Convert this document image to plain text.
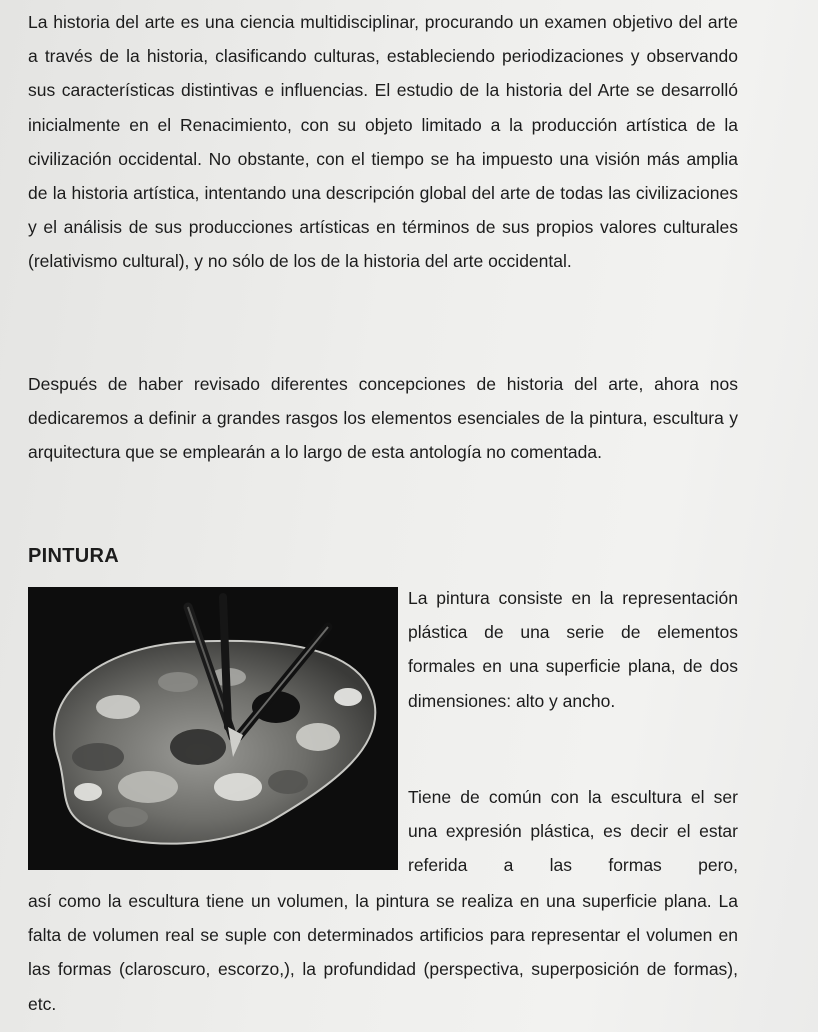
La historia del arte es una ciencia multidisciplinar, procurando un examen objetivo del arte a través de la historia, clasificando culturas, estableciendo periodizaciones y observando sus características distintivas e influencias. El estudio de la historia del Arte se desarrolló inicialmente en el Renacimiento, con su objeto limitado a la producción artística de la civilización occidental. No obstante, con el tiempo se ha impuesto una visión más amplia de la historia artística, intentando una descripción global del arte de todas las civilizaciones y el análisis de sus producciones artísticas en términos de sus propios valores culturales (relativismo cultural), y no sólo de los de la historia del arte occidental.

Después de haber revisado diferentes concepciones de historia del arte, ahora nos dedicaremos a definir a grandes rasgos los elementos esenciales de la pintura, escultura y arquitectura que se emplearán a lo largo de esta antología no comentada.

PINTURA

La pintura consiste en la representación plástica de una serie de elementos formales en una superficie plana, de dos dimensiones: alto y ancho.

Tiene de común con la escultura el ser una expresión plástica, es decir el estar referida a las formas pero,

así como la escultura tiene un volumen, la pintura se realiza en una superficie plana. La falta de volumen real se suple con determinados artificios para representar el volumen en las formas (claroscuro, escorzo,), la profundidad (perspectiva, superposición de formas), etc.
